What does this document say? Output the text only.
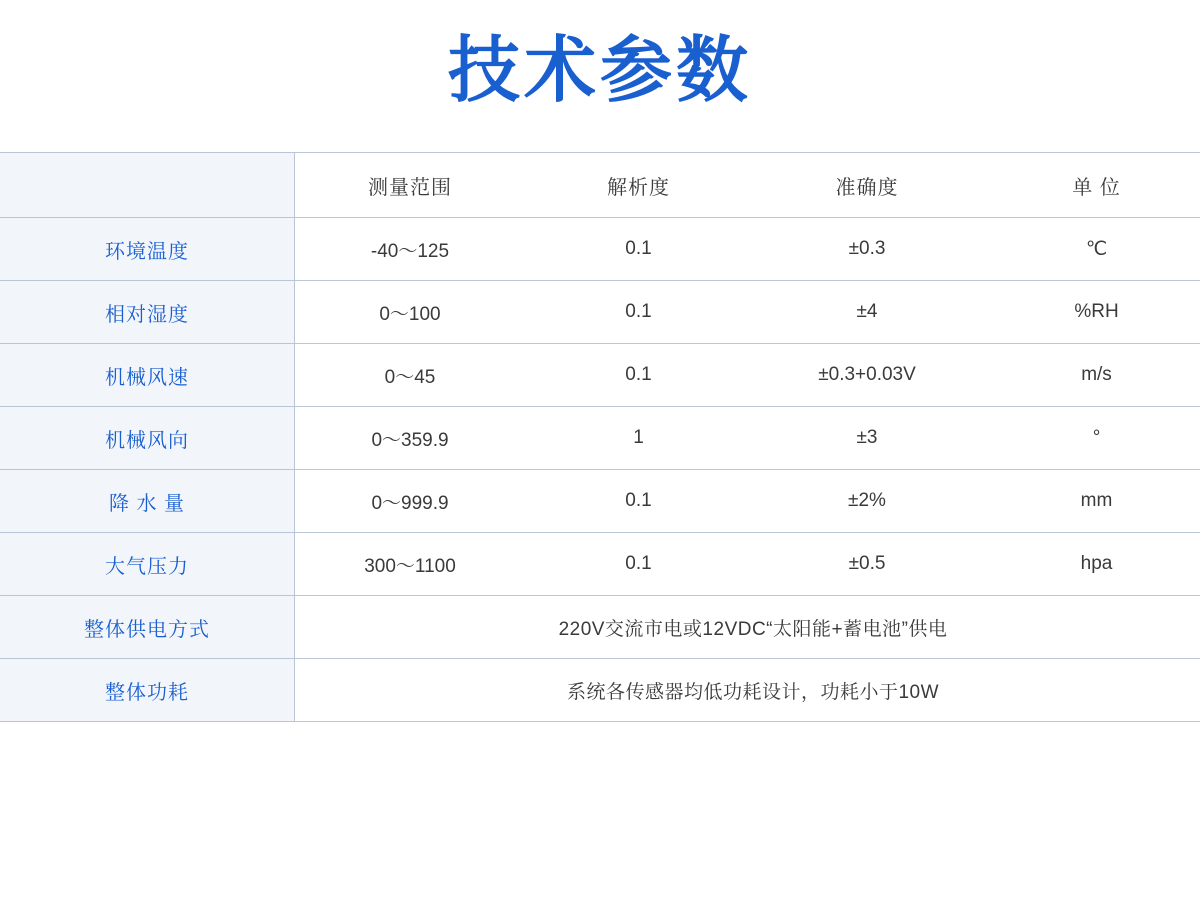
技术参数
	测量范围	解析度	准确度	单 位
环境温度	-40〜125	0.1	±0.3	℃
相对湿度	0〜100	0.1	±4	%RH
机械风速	0〜45	0.1	±0.3+0.03V	m/s
机械风向	0〜359.9	1	±3	°
降 水 量	0〜999.9	0.1	±2%	mm
大气压力	300〜1100	0.1	±0.5	hpa
整体供电方式	220V交流市电或12VDC“太阳能+蓄电池”供电			
整体功耗	系统各传感器均低功耗设计，功耗小于10W			
